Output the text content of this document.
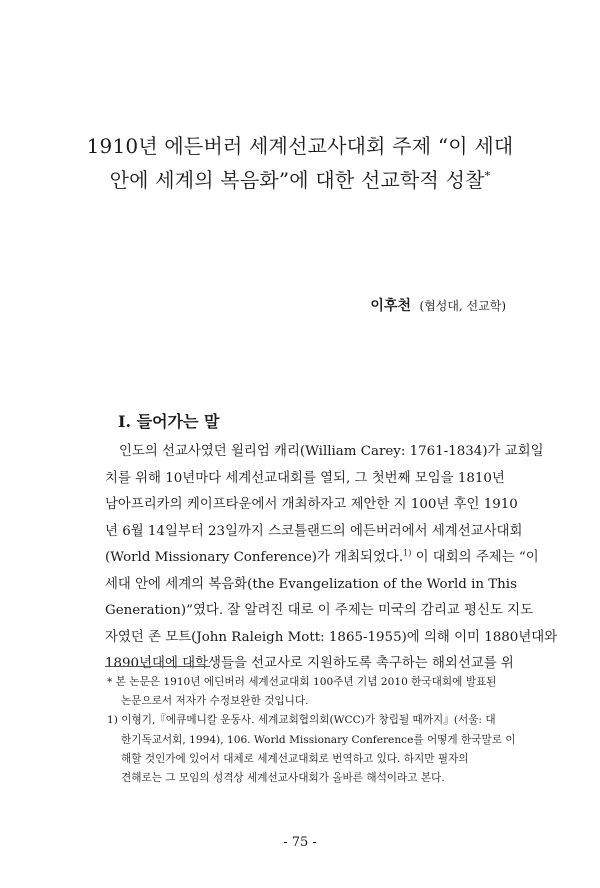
1910년 에든버러 세계선교사대회 주제 “이 세대
안에 세계의 복음화”에 대한 선교학적 성찰*
이후천 (협성대, 선교학)
I. 들어가는 말
인도의 선교사였던 윌리엄 캐리(William Carey: 1761-1834)가 교회일
치를 위해 10년마다 세계선교대회를 열되, 그 첫번째 모임을 1810년
남아프리카의 케이프타운에서 개최하자고 제안한 지 100년 후인 1910
년 6월 14일부터 23일까지 스코틀랜드의 에든버러에서 세계선교사대회
(World Missionary Conference)가 개최되었다.$^{1)}$ 이 대회의 주제는 “이
세대 안에 세계의 복음화(the Evangelization of the World in This
Generation)”였다. 잘 알려진 대로 이 주제는 미국의 감리교 평신도 지도
자였던 존 모트(John Raleigh Mott: 1865-1955)에 의해 이미 1880년대와
1890년대에 대학생들을 선교사로 지원하도록 촉구하는 해외선교를 위
* 본 논문은 1910년 에딘버러 세계선교대회 100주년 기념 2010 한국대회에 발표된
논문으로서 저자가 수정보완한 것입니다.
1) 이형기,『에큐메니칼 운동사. 세계교회협의회(WCC)가 창립될 때까지』(서울: 대
한기독교서회, 1994), 106. World Missionary Conference를 어떻게 한국말로 이
해할 것인가에 있어서 대체로 세계선교대회로 번역하고 있다. 하지만 필자의
견해로는 그 모임의 성격상 세계선교사대회가 올바른 해석이라고 본다.
- 75 -
